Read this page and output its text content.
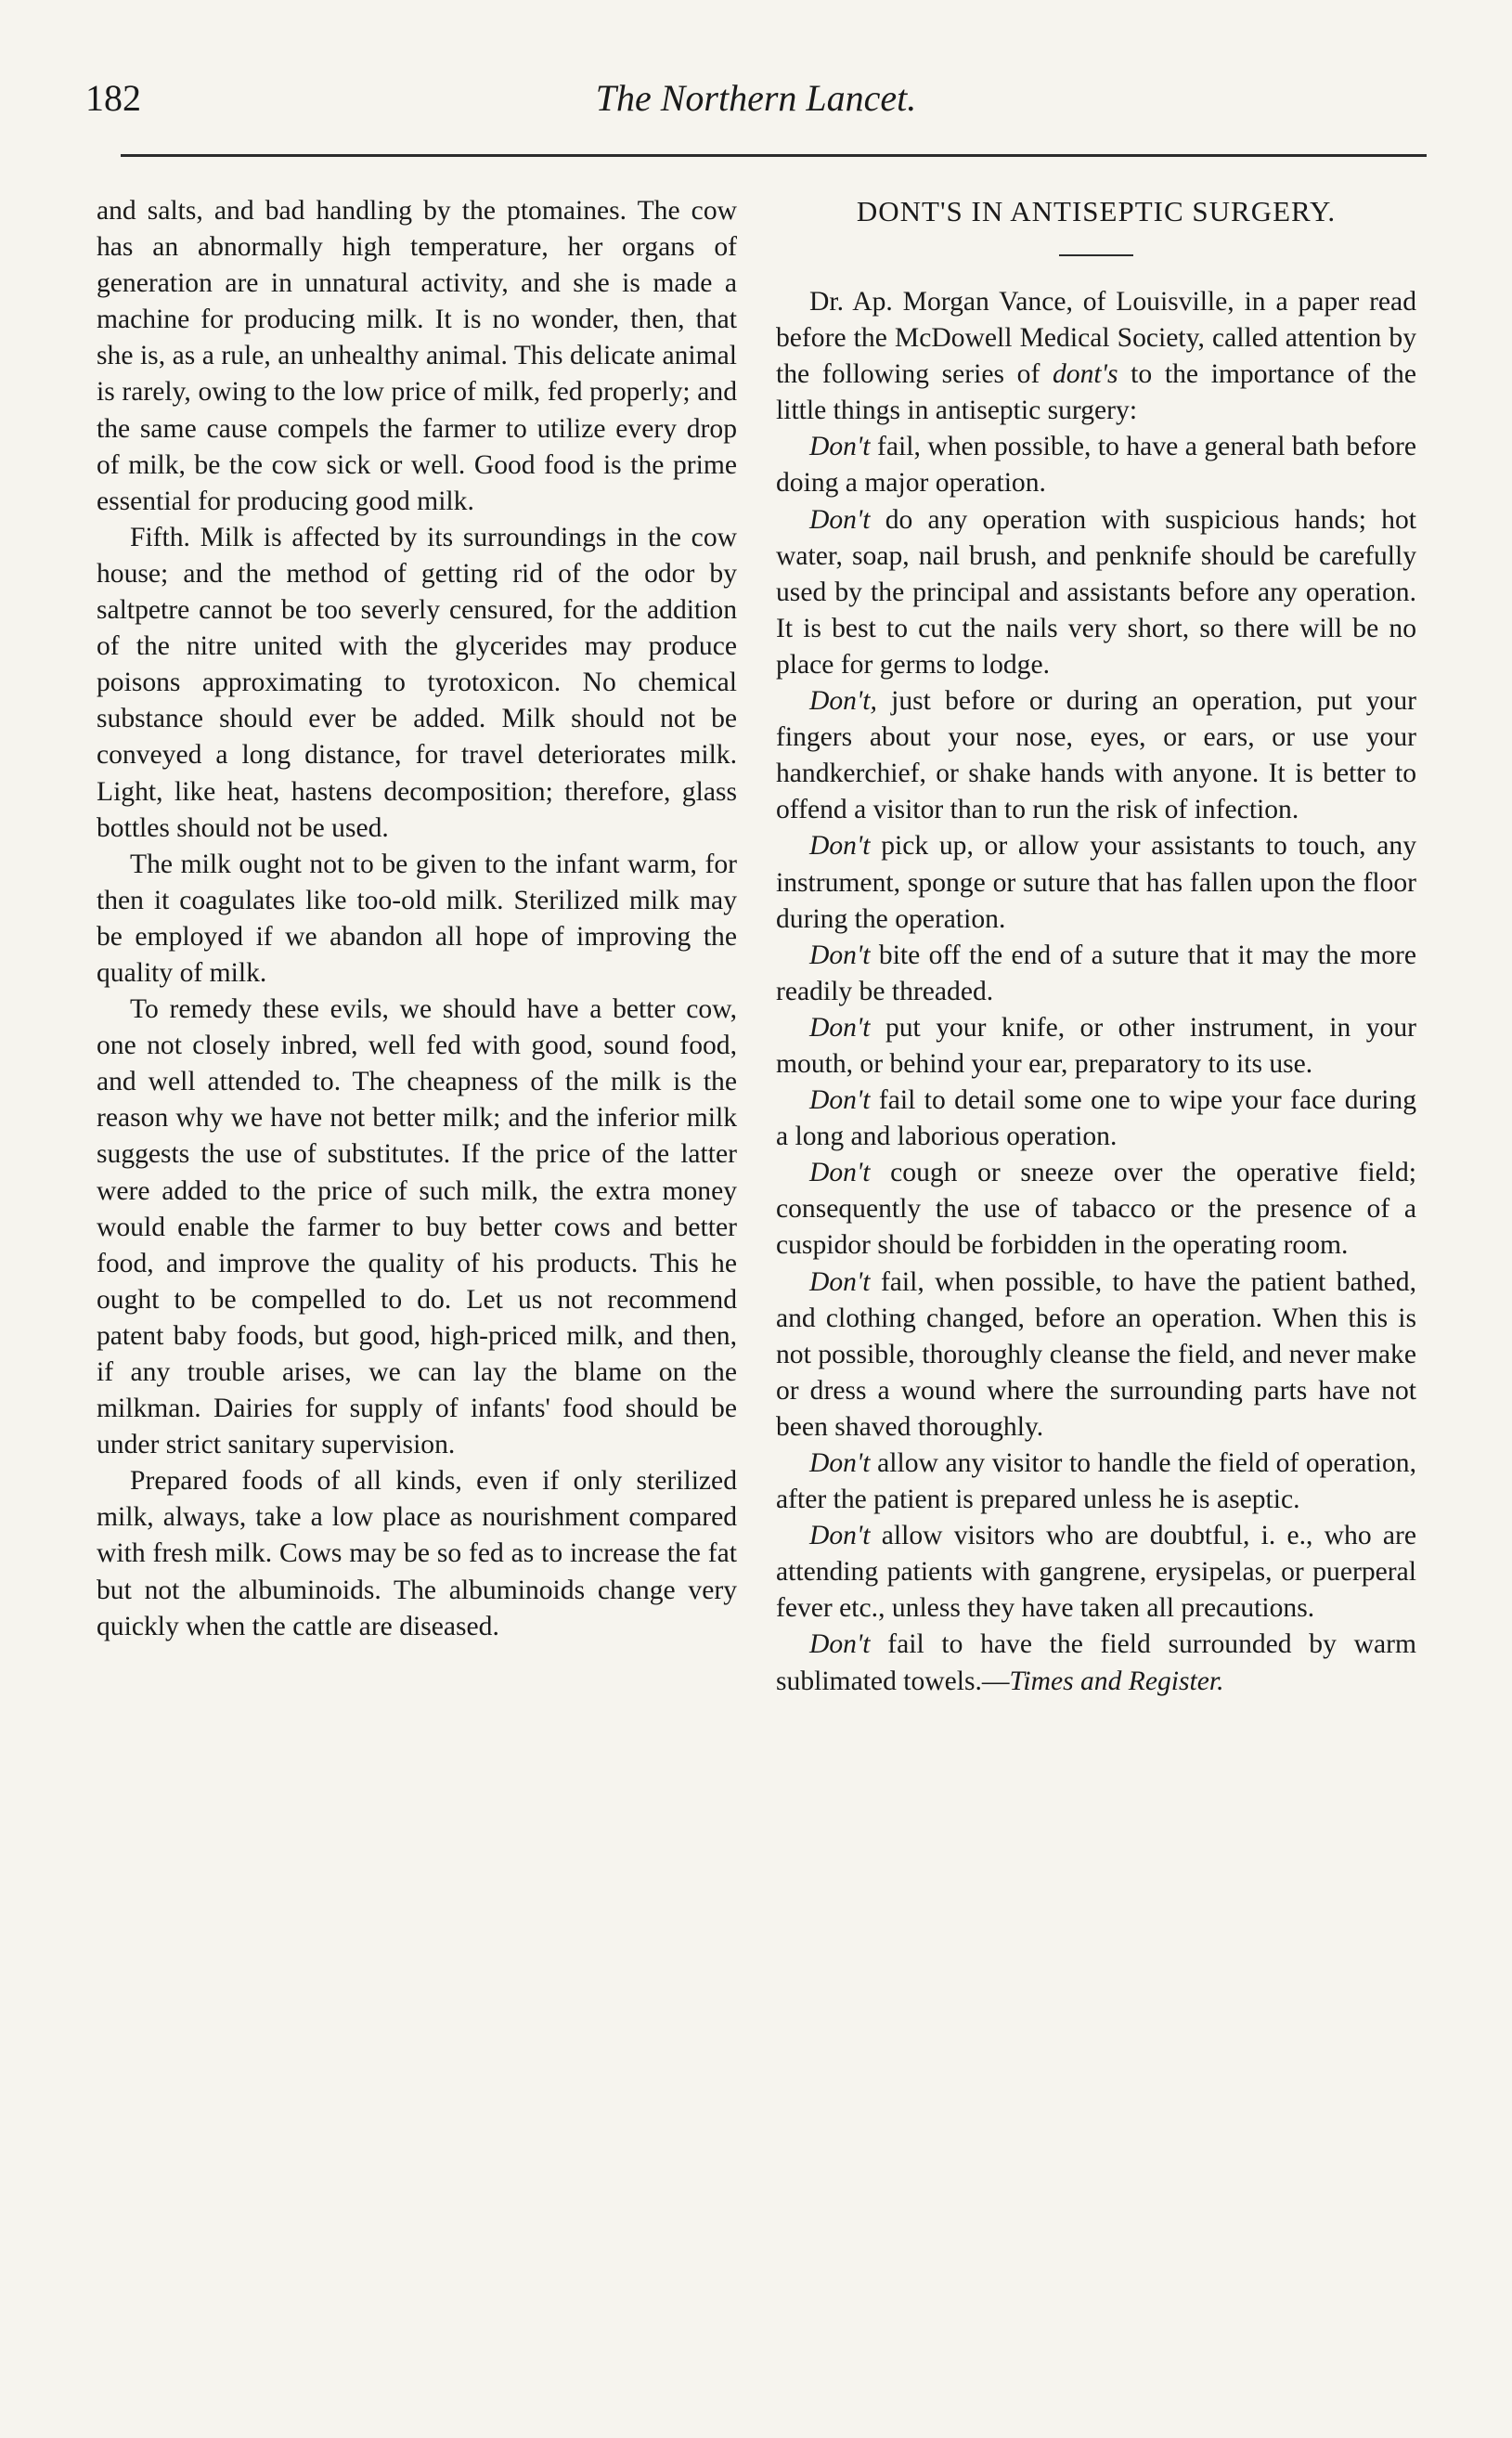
182	The Northern Lancet.

and salts, and bad handling by the ptomaines. The cow has an abnormally high temperature, her organs of generation are in unnatural activity, and she is made a machine for producing milk. It is no wonder, then, that she is, as a rule, an unhealthy animal. This delicate animal is rarely, owing to the low price of milk, fed properly; and the same cause compels the farmer to utilize every drop of milk, be the cow sick or well. Good food is the prime essential for producing good milk.

Fifth. Milk is affected by its surroundings in the cow house; and the method of getting rid of the odor by saltpetre cannot be too severly censured, for the addition of the nitre united with the glycerides may produce poisons approximating to tyrotoxicon. No chemical substance should ever be added. Milk should not be conveyed a long distance, for travel deteriorates milk. Light, like heat, hastens decomposition; therefore, glass bottles should not be used.

The milk ought not to be given to the infant warm, for then it coagulates like too-old milk. Sterilized milk may be employed if we abandon all hope of improving the quality of milk.

To remedy these evils, we should have a better cow, one not closely inbred, well fed with good, sound food, and well attended to. The cheapness of the milk is the reason why we have not better milk; and the inferior milk suggests the use of substitutes. If the price of the latter were added to the price of such milk, the extra money would enable the farmer to buy better cows and better food, and improve the quality of his products. This he ought to be compelled to do. Let us not recommend patent baby foods, but good, high-priced milk, and then, if any trouble arises, we can lay the blame on the milkman. Dairies for supply of infants' food should be under strict sanitary supervision.

Prepared foods of all kinds, even if only sterilized milk, always, take a low place as nourishment compared with fresh milk. Cows may be so fed as to increase the fat but not the albuminoids. The albuminoids change very quickly when the cattle are diseased.

DONT'S IN ANTISEPTIC SURGERY.

Dr. Ap. Morgan Vance, of Louisville, in a paper read before the McDowell Medical Society, called attention by the following series of dont's to the importance of the little things in antiseptic surgery:

Don't fail, when possible, to have a general bath before doing a major operation.

Don't do any operation with suspicious hands; hot water, soap, nail brush, and penknife should be carefully used by the principal and assistants before any operation. It is best to cut the nails very short, so there will be no place for germs to lodge.

Don't, just before or during an operation, put your fingers about your nose, eyes, or ears, or use your handkerchief, or shake hands with anyone. It is better to offend a visitor than to run the risk of infection.

Don't pick up, or allow your assistants to touch, any instrument, sponge or suture that has fallen upon the floor during the operation.

Don't bite off the end of a suture that it may the more readily be threaded.

Don't put your knife, or other instrument, in your mouth, or behind your ear, preparatory to its use.

Don't fail to detail some one to wipe your face during a long and laborious operation.

Don't cough or sneeze over the operative field; consequently the use of tabacco or the presence of a cuspidor should be forbidden in the operating room.

Don't fail, when possible, to have the patient bathed, and clothing changed, before an operation. When this is not possible, thoroughly cleanse the field, and never make or dress a wound where the surrounding parts have not been shaved thoroughly.

Don't allow any visitor to handle the field of operation, after the patient is prepared unless he is aseptic.

Don't allow visitors who are doubtful, i. e., who are attending patients with gangrene, erysipelas, or puerperal fever etc., unless they have taken all precautions.

Don't fail to have the field surrounded by warm sublimated towels.—Times and Register.
